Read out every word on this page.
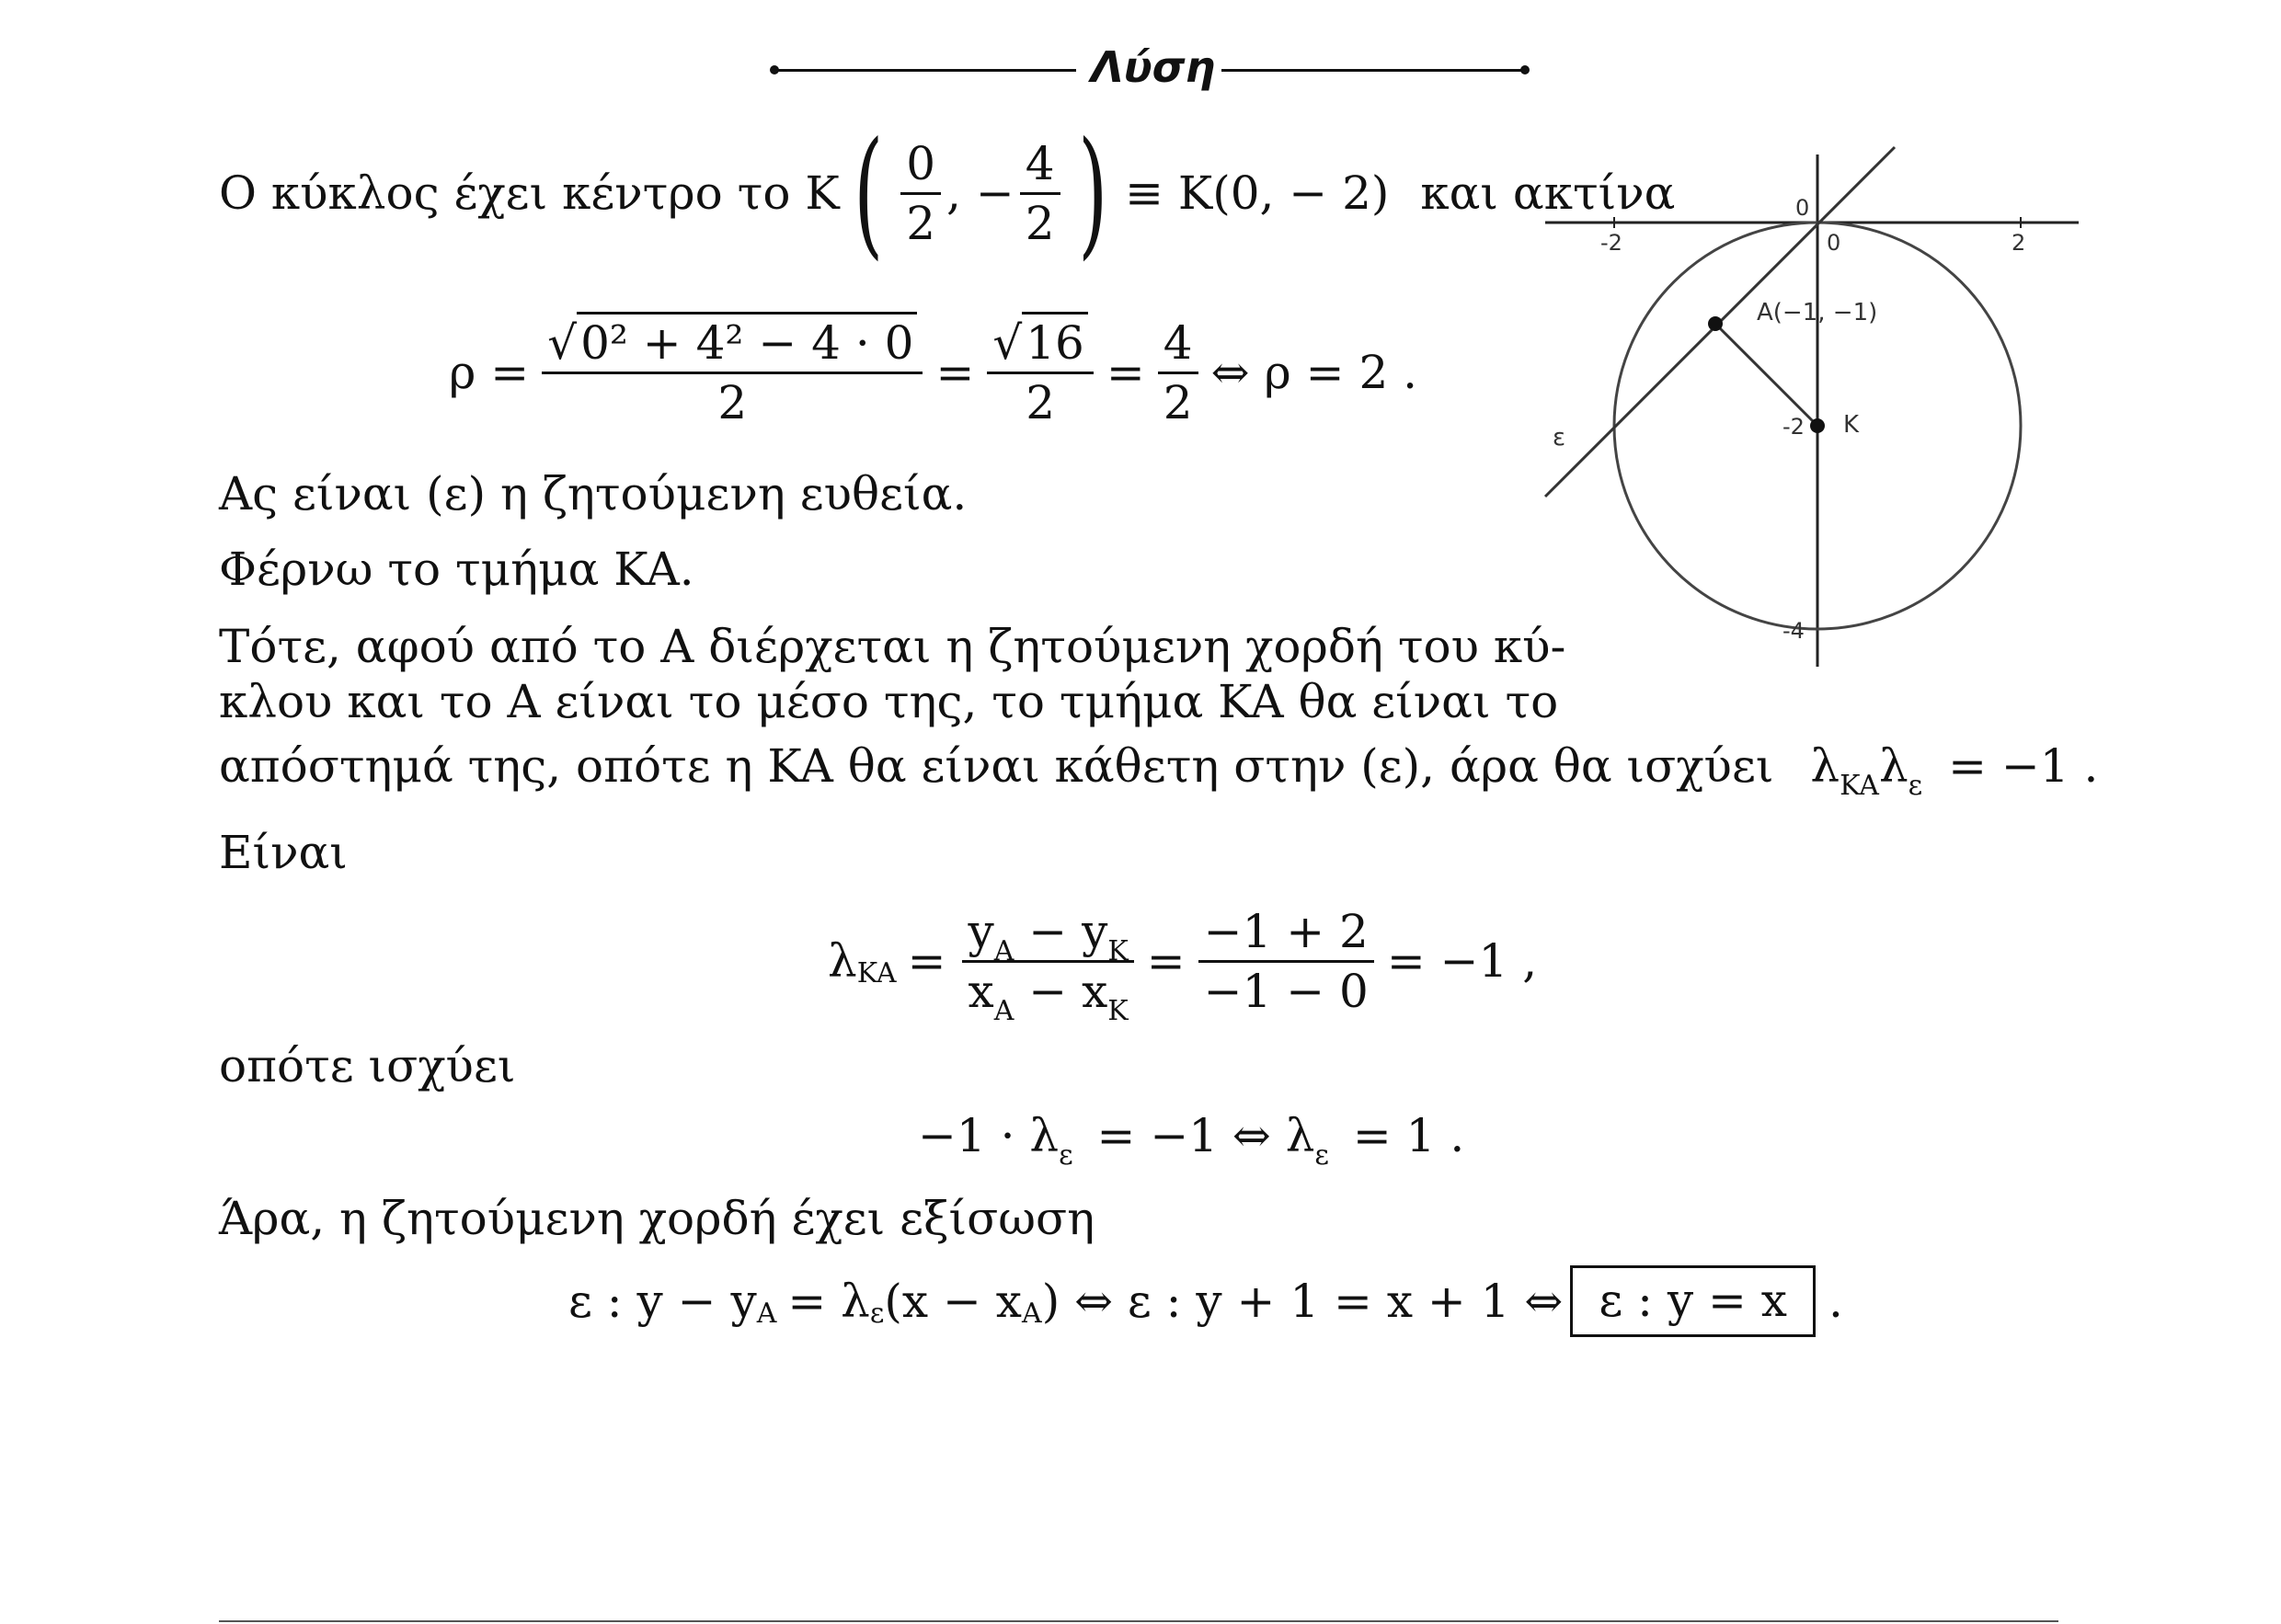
Λύση
Ο κύκλος έχει κέντρο το K ( $\frac{0}{2}$ , − $\frac{4}{2}$ ) ≡ K(0, − 2) και ακτίνα
$\rho = \frac{\text{√0² + 4² − 4 · 0}}{2} = \frac{√16}{2} = \frac{4}{2}$ ⇔ ρ = 2 .
Ας είναι (ε) η ζητούμενη ευθεία.
Φέρνω το τμήμα KA.
Τότε, αφού από το A διέρχεται η ζητούμενη χορδή του κύ-
κλου και το A είναι το μέσο της, το τμήμα KA θα είναι το
απόστημά της, οπότε η KA θα είναι κάθετη στην (ε), άρα θα ισχύει $\lambda_{KA}\lambda_\varepsilon = -1$ .
Είναι
λ KA = $\frac{y_A - y_K}{x_A - x_K} = \frac{-1 + 2}{-1 - 0} = -1$ ,
οπότε ισχύει
$-1 \cdot \lambda_\varepsilon = -1$ ⇔ $\lambda_\varepsilon = 1$ .
Άρα, η ζητούμενη χορδή έχει εξίσωση
ε : y − y A = λ ε (x − x A ) ⇔ ε : y + 1 = x + 1 ⇔ ε : y = x .
-2	0	2
0
-2
-4
A(−1, −1)
K
ε
